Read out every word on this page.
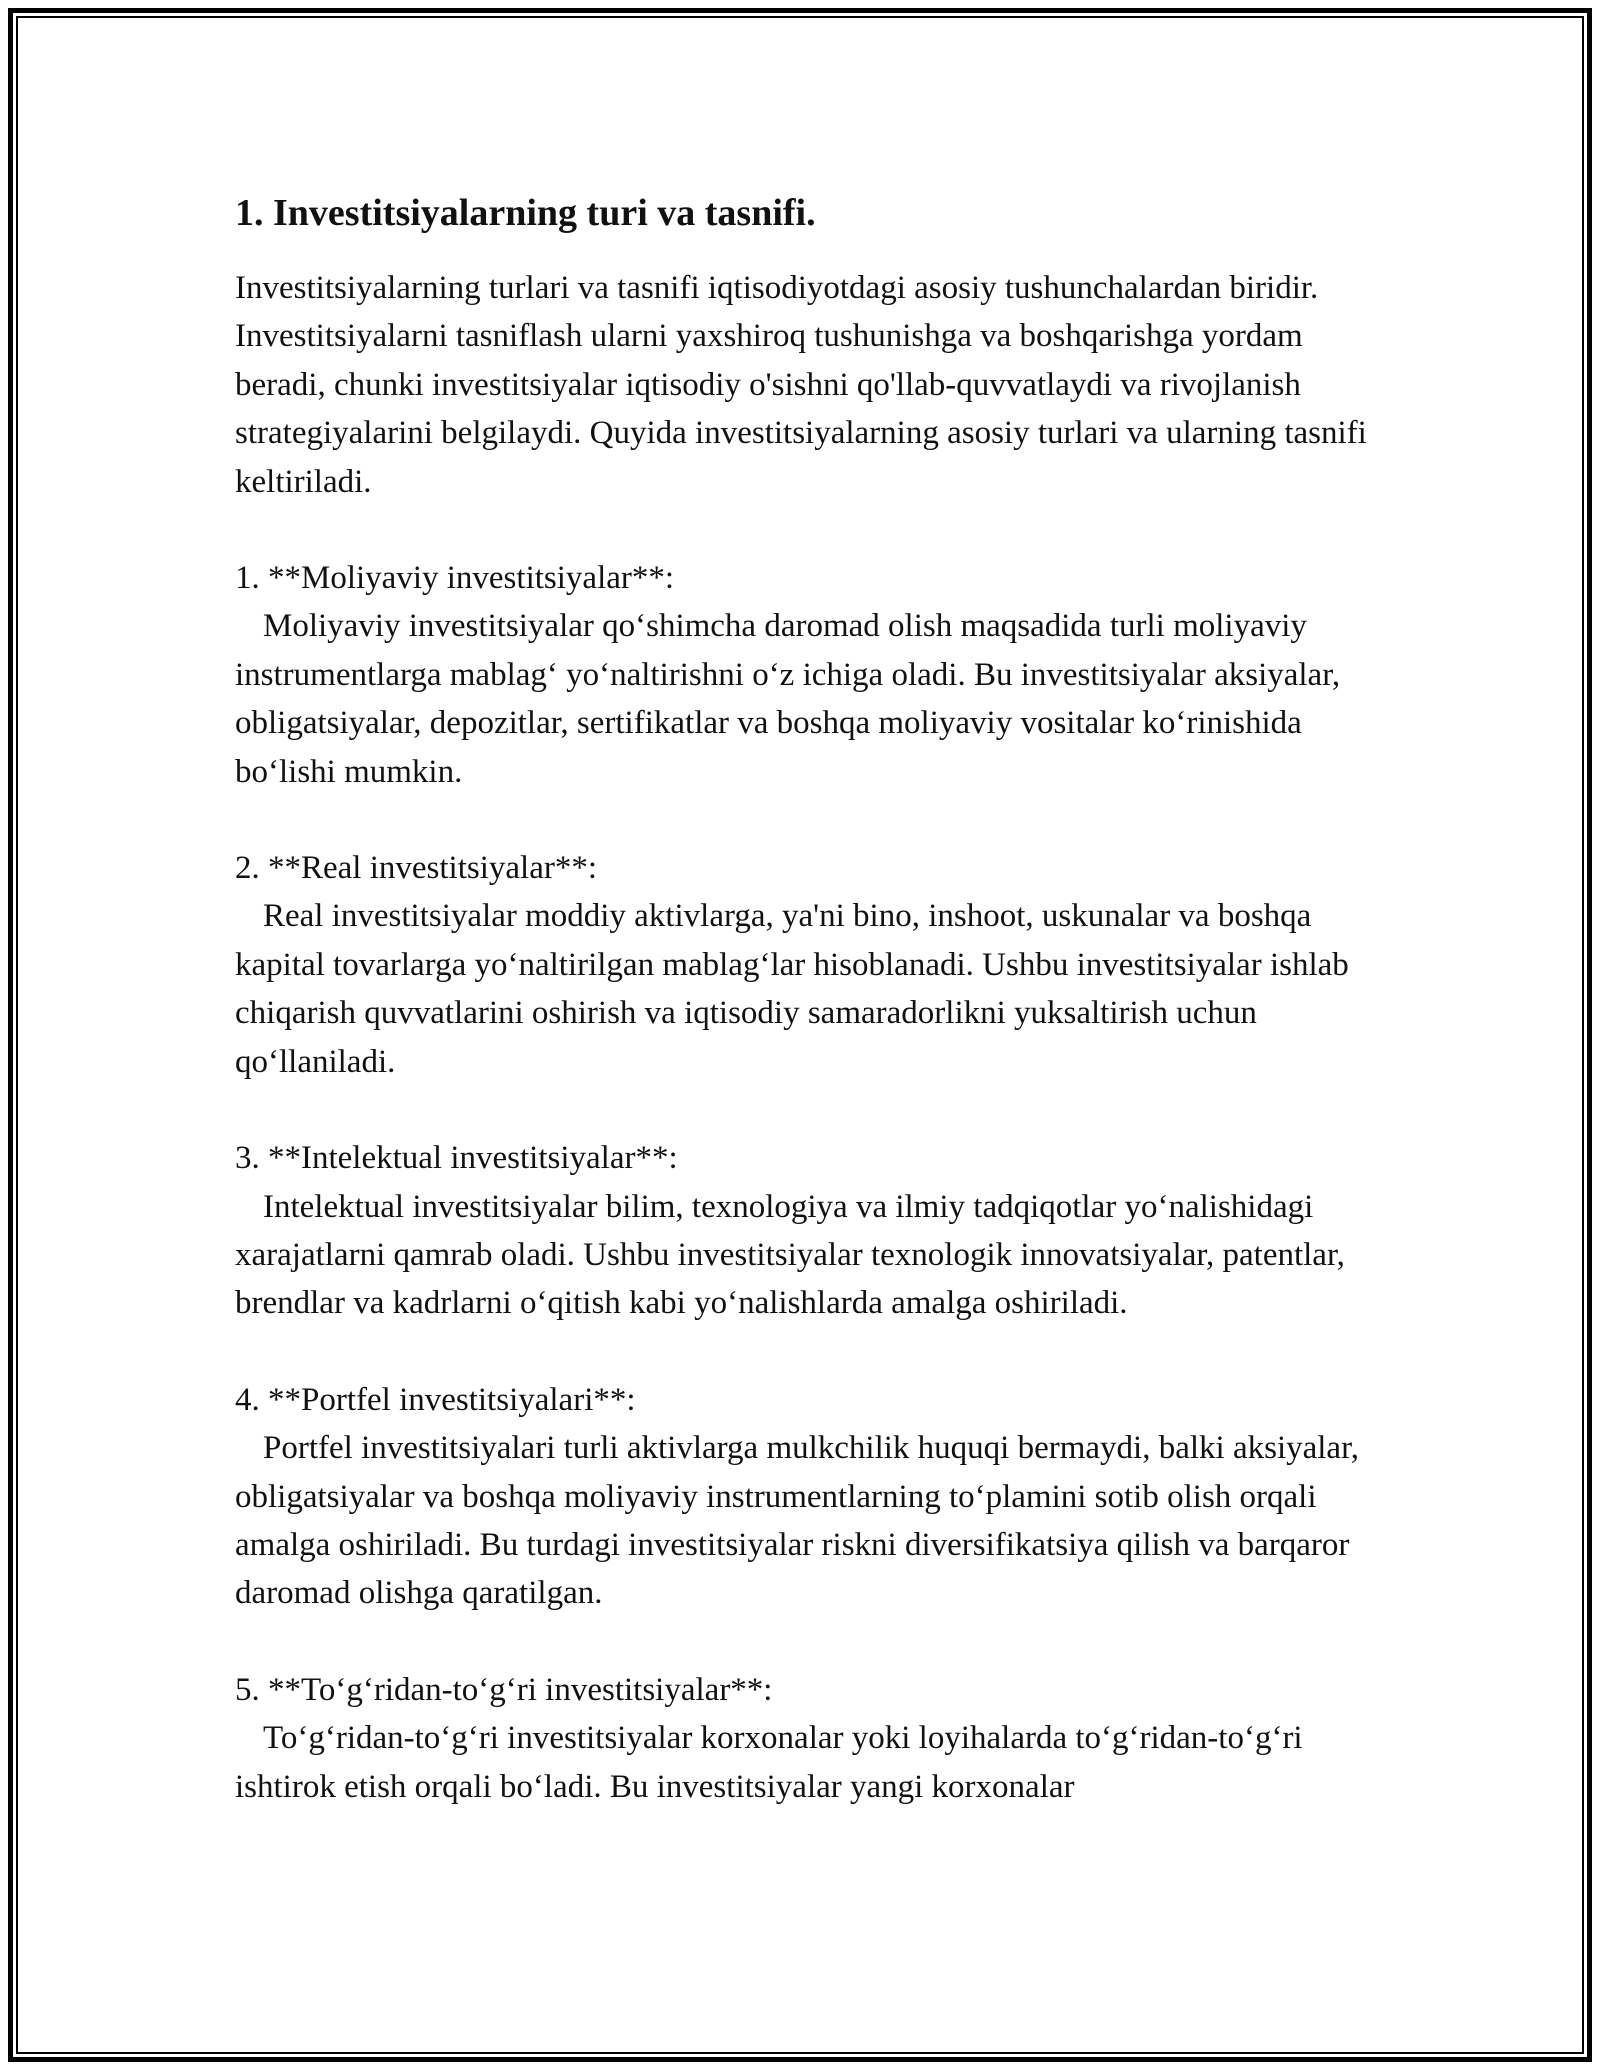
1. Investitsiyalarning turi va tasnifi.

Investitsiyalarning turlari va tasnifi iqtisodiyotdagi asosiy tushunchalardan biridir. Investitsiyalarni tasniflash ularni yaxshiroq tushunishga va boshqarishga yordam beradi, chunki investitsiyalar iqtisodiy o'sishni qo'llab-quvvatlaydi va rivojlanish strategiyalarini belgilaydi. Quyida investitsiyalarning asosiy turlari va ularning tasnifi keltiriladi.

1. **Moliyaviy investitsiyalar**:

Moliyaviy investitsiyalar qo‘shimcha daromad olish maqsadida turli moliyaviy instrumentlarga mablag‘ yo‘naltirishni o‘z ichiga oladi. Bu investitsiyalar aksiyalar, obligatsiyalar, depozitlar, sertifikatlar va boshqa moliyaviy vositalar ko‘rinishida bo‘lishi mumkin.

2. **Real investitsiyalar**:

Real investitsiyalar moddiy aktivlarga, ya'ni bino, inshoot, uskunalar va boshqa kapital tovarlarga yo‘naltirilgan mablag‘lar hisoblanadi. Ushbu investitsiyalar ishlab chiqarish quvvatlarini oshirish va iqtisodiy samaradorlikni yuksaltirish uchun qo‘llaniladi.

3. **Intelektual investitsiyalar**:

Intelektual investitsiyalar bilim, texnologiya va ilmiy tadqiqotlar yo‘nalishidagi xarajatlarni qamrab oladi. Ushbu investitsiyalar texnologik innovatsiyalar, patentlar, brendlar va kadrlarni o‘qitish kabi yo‘nalishlarda amalga oshiriladi.

4. **Portfel investitsiyalari**:

Portfel investitsiyalari turli aktivlarga mulkchilik huquqi bermaydi, balki aksiyalar, obligatsiyalar va boshqa moliyaviy instrumentlarning to‘plamini sotib olish orqali amalga oshiriladi. Bu turdagi investitsiyalar riskni diversifikatsiya qilish va barqaror daromad olishga qaratilgan.

5. **To‘g‘ridan-to‘g‘ri investitsiyalar**:

To‘g‘ridan-to‘g‘ri investitsiyalar korxonalar yoki loyihalarda to‘g‘ridan-to‘g‘ri ishtirok etish orqali bo‘ladi. Bu investitsiyalar yangi korxonalar
